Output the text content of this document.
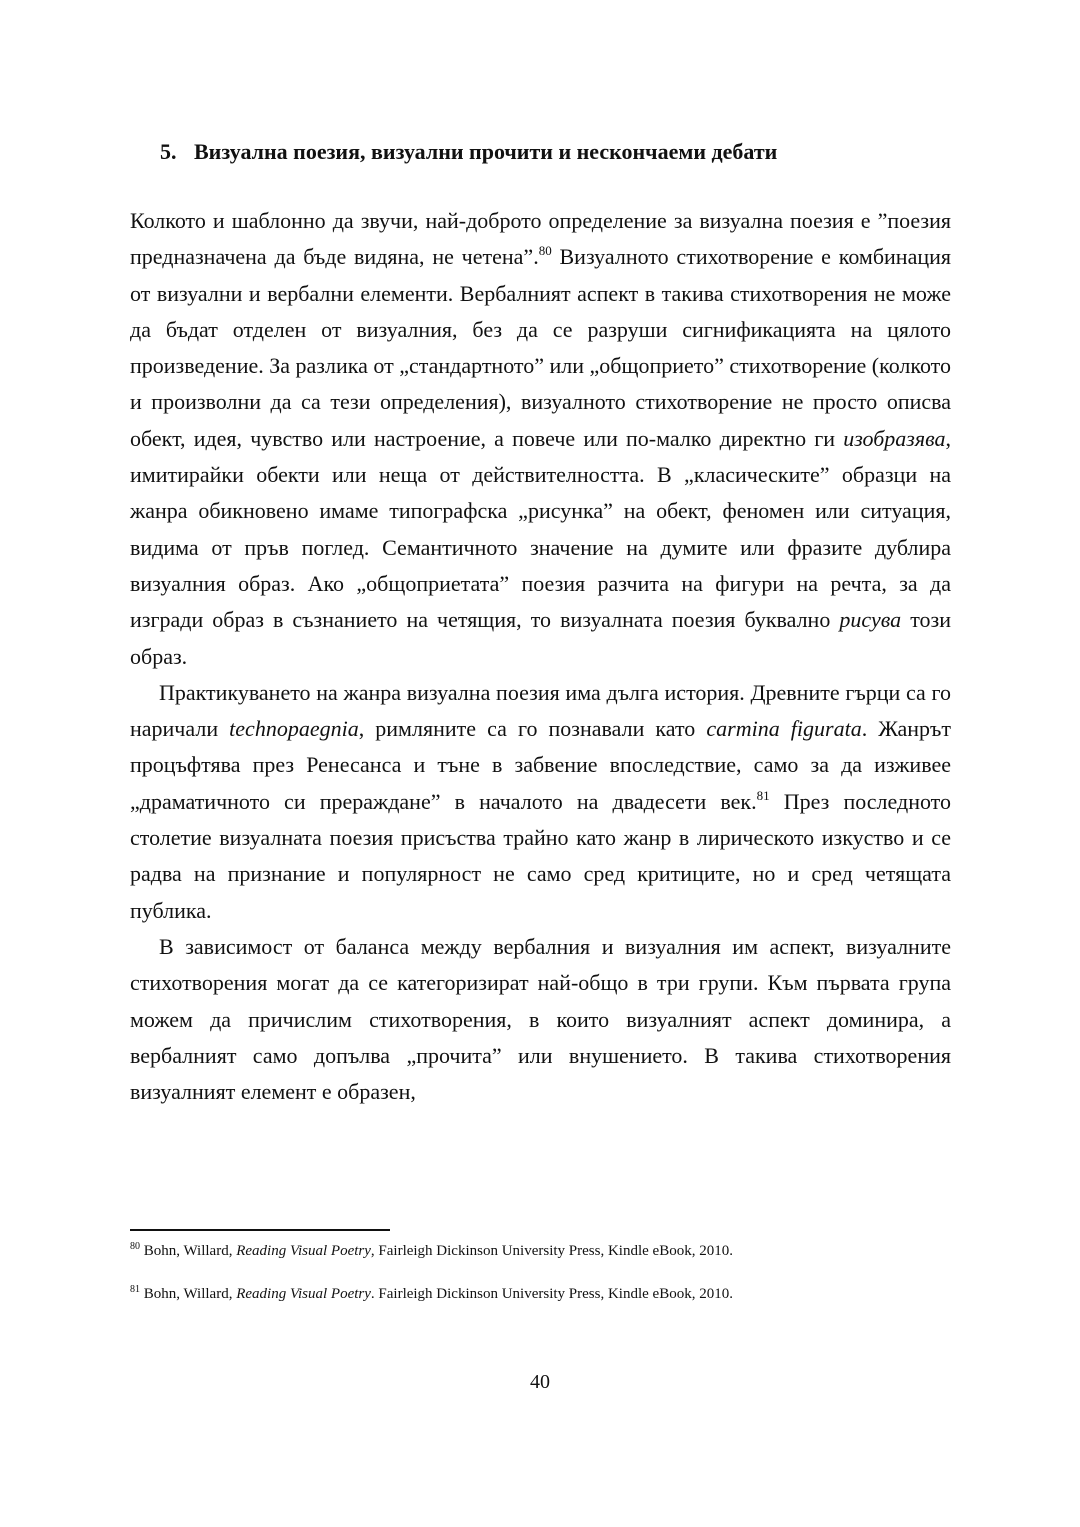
5. Визуална поезия, визуални прочити и нескончаеми дебати

Колкото и шаблонно да звучи, най-доброто определение за визуална поезия е ”поезия предназначена да бъде видяна, не четена”.$^{80}$ Визуалното стихотворение е комбинация от визуални и вербални елементи. Вербалният аспект в такива стихотворения не може да бъдат отделен от визуалния, без да се разруши сигнификацията на цялото произведение. За разлика от „стандартното” или „общоприето” стихотворение (колкото и произволни да са тези определения), визуалното стихотворение не просто описва обект, идея, чувство или настроение, а повече или по-малко директно ги изобразява, имитирайки обекти или неща от действителността. В „класическите” образци на жанра обикновено имаме типографска „рисунка” на обект, феномен или ситуация, видима от пръв поглед. Семантичното значение на думите или фразите дублира визуалния образ. Ако „общоприетата” поезия разчита на фигури на речта, за да изгради образ в съзнанието на четящия, то визуалната поезия буквално рисува този образ.

Практикуването на жанра визуална поезия има дълга история. Древните гърци са го наричали technopaegnia, римляните са го познавали като carmina figurata. Жанрът процъфтява през Ренесанса и тъне в забвение впоследствие, само за да изживее „драматичното си прераждане” в началото на двадесети век.$^{81}$ През последното столетие визуалната поезия присъства трайно като жанр в лирическото изкуство и се радва на признание и популярност не само сред критиците, но и сред четящата публика.

В зависимост от баланса между вербалния и визуалния им аспект, визуалните стихотворения могат да се категоризират най-общо в три групи. Към първата група можем да причислим стихотворения, в които визуалният аспект доминира, а вербалният само допълва „прочита” или внушението. В такива стихотворения визуалният елемент е образен,

$^{80}$ Bohn, Willard, Reading Visual Poetry, Fairleigh Dickinson University Press, Kindle eBook, 2010.

$^{81}$ Bohn, Willard, Reading Visual Poetry. Fairleigh Dickinson University Press, Kindle eBook, 2010.

40
